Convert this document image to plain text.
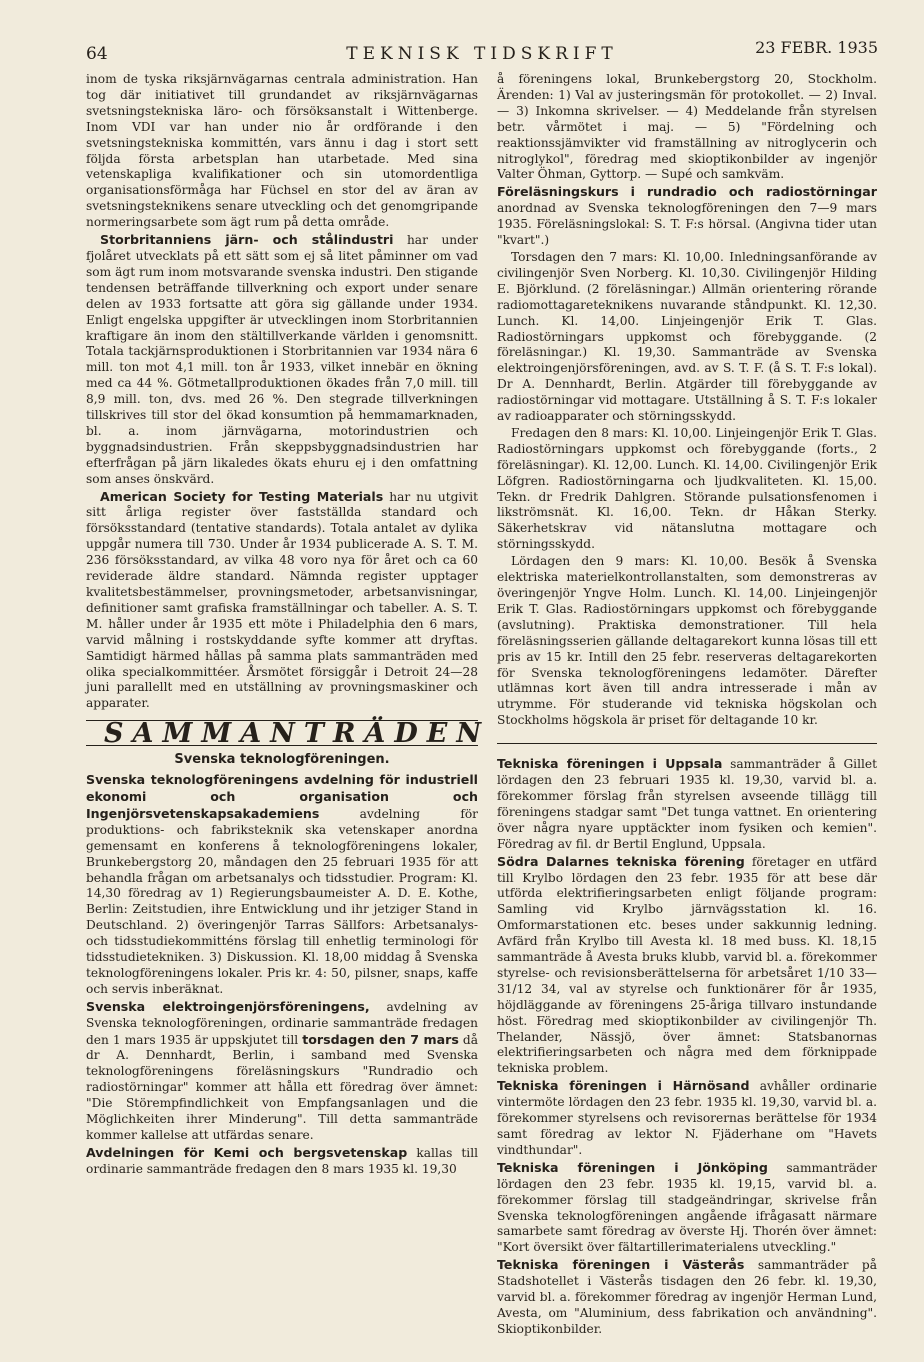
64	TEKNISK TIDSKRIFT	23 FEBR. 1935

inom de tyska riksjärnvägarnas centrala administration. Han tog där initiativet till grundandet av riksjärnvägarnas svetsningstekniska läro- och försöksanstalt i Wittenberge. Inom VDI var han under nio år ordförande i den svetsningstekniska kommittén, vars ännu i dag i stort sett följda första arbetsplan han utarbetade. Med sina vetenskapliga kvalifikationer och sin utomordentliga organisationsförmåga har Füchsel en stor del av äran av svetsningsteknikens senare utveckling och det genomgripande normeringsarbete som ägt rum på detta område.

Storbritanniens järn- och stålindustri har under fjolåret utvecklats på ett sätt som ej så litet påminner om vad som ägt rum inom motsvarande svenska industri. Den stigande tendensen beträffande tillverkning och export under senare delen av 1933 fortsatte att göra sig gällande under 1934. Enligt engelska uppgifter är utvecklingen inom Storbritannien kraftigare än inom den stältillverkande världen i genomsnitt. Totala tackjärnsproduktionen i Storbritannien var 1934 nära 6 mill. ton mot 4,1 mill. ton år 1933, vilket innebär en ökning med ca 44 %. Götmetallproduktionen ökades från 7,0 mill. till 8,9 mill. ton, dvs. med 26 %. Den stegrade tillverkningen tillskrives till stor del ökad konsumtion på hemmamarknaden, bl. a. inom järnvägarna, motorindustrien och byggnadsindustrien. Från skeppsbyggnadsindustrien har efterfrågan på järn likaledes ökats ehuru ej i den omfattning som anses önskvärd.

American Society for Testing Materials har nu utgivit sitt årliga register över fastställda standard och försöksstandard (tentative standards). Totala antalet av dylika uppgår numera till 730. Under år 1934 publicerade A. S. T. M. 236 försöksstandard, av vilka 48 voro nya för året och ca 60 reviderade äldre standard. Nämnda register upptager kvalitetsbestämmelser, provningsmetoder, arbetsanvisningar, definitioner samt grafiska framställningar och tabeller. A. S. T. M. håller under år 1935 ett möte i Philadelphia den 6 mars, varvid målning i rostskyddande syfte kommer att dryftas. Samtidigt härmed hållas på samma plats sammanträden med olika specialkommittéer. Årsmötet försiggår i Detroit 24—28 juni parallellt med en utställning av provningsmaskiner och apparater.

SAMMANTRÄDEN
Svenska teknologföreningen.

Svenska teknologföreningens avdelning för industriell ekonomi och organisation och Ingenjörsvetenskapsakademiens avdelning för produktions- och fabriksteknik ska vetenskaper anordna gemensamt en konferens å teknologföreningens lokaler, Brunkebergstorg 20, måndagen den 25 februari 1935 för att behandla frågan om arbetsanalys och tidsstudier. Program: Kl. 14,30 föredrag av 1) Regierungsbaumeister A. D. E. Kothe, Berlin: Zeitstudien, ihre Entwicklung und ihr jetziger Stand in Deutschland. 2) överingenjör Tarras Sällfors: Arbetsanalys- och tidsstudiekommitténs förslag till enhetlig terminologi för tidsstudietekniken. 3) Diskussion. Kl. 18,00 middag å Svenska teknologföreningens lokaler. Pris kr. 4: 50, pilsner, snaps, kaffe och servis inberäknat.

Svenska elektroingenjörsföreningens, avdelning av Svenska teknologföreningen, ordinarie sammanträde fredagen den 1 mars 1935 är uppskjutet till torsdagen den 7 mars då dr A. Dennhardt, Berlin, i samband med Svenska teknologföreningens föreläsningskurs "Rundradio och radiostörningar" kommer att hålla ett föredrag över ämnet: "Die Störempfindlichkeit von Empfangsanlagen und die Möglichkeiten ihrer Minderung". Till detta sammanträde kommer kallelse att utfärdas senare.

Avdelningen för Kemi och bergsvetenskap kallas till ordinarie sammanträde fredagen den 8 mars 1935 kl. 19,30

å föreningens lokal, Brunkebergstorg 20, Stockholm. Ärenden: 1) Val av justeringsmän för protokollet. — 2) Inval. — 3) Inkomna skrivelser. — 4) Meddelande från styrelsen betr. vårmötet i maj. — 5) "Fördelning och reaktionssjämvikter vid framställning av nitroglycerin och nitroglykol", föredrag med skioptikonbilder av ingenjör Valter Öhman, Gyttorp. — Supé och samkväm.

Föreläsningskurs i rundradio och radiostörningar anordnad av Svenska teknologföreningen den 7—9 mars 1935. Föreläsningslokal: S. T. F:s hörsal. (Angivna tider utan "kvart".)

Torsdagen den 7 mars: Kl. 10,00. Inledningsanförande av civilingenjör Sven Norberg. Kl. 10,30. Civilingenjör Hilding E. Björklund. (2 föreläsningar.) Allmän orientering rörande radiomottagareteknikens nuvarande ståndpunkt. Kl. 12,30. Lunch. Kl. 14,00. Linjeingenjör Erik T. Glas. Radiostörningars uppkomst och förebyggande. (2 föreläsningar.) Kl. 19,30. Sammanträde av Svenska elektroingenjörsföreningen, avd. av S. T. F. (å S. T. F:s lokal). Dr A. Dennhardt, Berlin. Atgärder till förebyggande av radiostörningar vid mottagare. Utställning å S. T. F:s lokaler av radioapparater och störningsskydd.

Fredagen den 8 mars: Kl. 10,00. Linjeingenjör Erik T. Glas. Radiostörningars uppkomst och förebyggande (forts., 2 föreläsningar). Kl. 12,00. Lunch. Kl. 14,00. Civilingenjör Erik Löfgren. Radiostörningarna och ljudkvaliteten. Kl. 15,00. Tekn. dr Fredrik Dahlgren. Störande pulsationsfenomen i likströmsnät. Kl. 16,00. Tekn. dr Håkan Sterky. Säkerhetskrav vid nätanslutna mottagare och störningsskydd.

Lördagen den 9 mars: Kl. 10,00. Besök å Svenska elektriska materielkontrollanstalten, som demonstreras av överingenjör Yngve Holm. Lunch. Kl. 14,00. Linjeingenjör Erik T. Glas. Radiostörningars uppkomst och förebyggande (avslutning). Praktiska demonstrationer. Till hela föreläsningsserien gällande deltagarekort kunna lösas till ett pris av 15 kr. Intill den 25 febr. reserveras deltagarekorten för Svenska teknologföreningens ledamöter. Därefter utlämnas kort även till andra intresserade i mån av utrymme. För studerande vid tekniska högskolan och Stockholms högskola är priset för deltagande 10 kr.

Tekniska föreningen i Uppsala sammanträder å Gillet lördagen den 23 februari 1935 kl. 19,30, varvid bl. a. förekommer förslag från styrelsen avseende tillägg till föreningens stadgar samt "Det tunga vattnet. En orientering över några nyare upptäckter inom fysiken och kemien". Föredrag av fil. dr Bertil Englund, Uppsala.

Södra Dalarnes tekniska förening företager en utfärd till Krylbo lördagen den 23 febr. 1935 för att bese där utförda elektrifieringsarbeten enligt följande program: Samling vid Krylbo järnvägsstation kl. 16. Omformarstationen etc. beses under sakkunnig ledning. Avfärd från Krylbo till Avesta kl. 18 med buss. Kl. 18,15 sammanträde å Avesta bruks klubb, varvid bl. a. förekommer styrelse- och revisionsberättelserna för arbetsåret 1/10 33—31/12 34, val av styrelse och funktionärer för år 1935, höjdläggande av föreningens 25-åriga tillvaro instundande höst. Föredrag med skioptikonbilder av civilingenjör Th. Thelander, Nässjö, över ämnet: Statsbanornas elektrifieringsarbeten och några med dem förknippade tekniska problem.

Tekniska föreningen i Härnösand avhåller ordinarie vintermöte lördagen den 23 febr. 1935 kl. 19,30, varvid bl. a. förekommer styrelsens och revisorernas berättelse för 1934 samt föredrag av lektor N. Fjäderhane om "Havets vindthundar".

Tekniska föreningen i Jönköping sammanträder lördagen den 23 febr. 1935 kl. 19,15, varvid bl. a. förekommer förslag till stadgeändringar, skrivelse från Svenska teknologföreningen angående ifrågasatt närmare samarbete samt föredrag av överste Hj. Thorén över ämnet: "Kort översikt över fältartillerimaterialens utveckling."

Tekniska föreningen i Västerås sammanträder på Stadshotellet i Västerås tisdagen den 26 febr. kl. 19,30, varvid bl. a. förekommer föredrag av ingenjör Herman Lund, Avesta, om "Aluminium, dess fabrikation och användning". Skioptikonbilder.
